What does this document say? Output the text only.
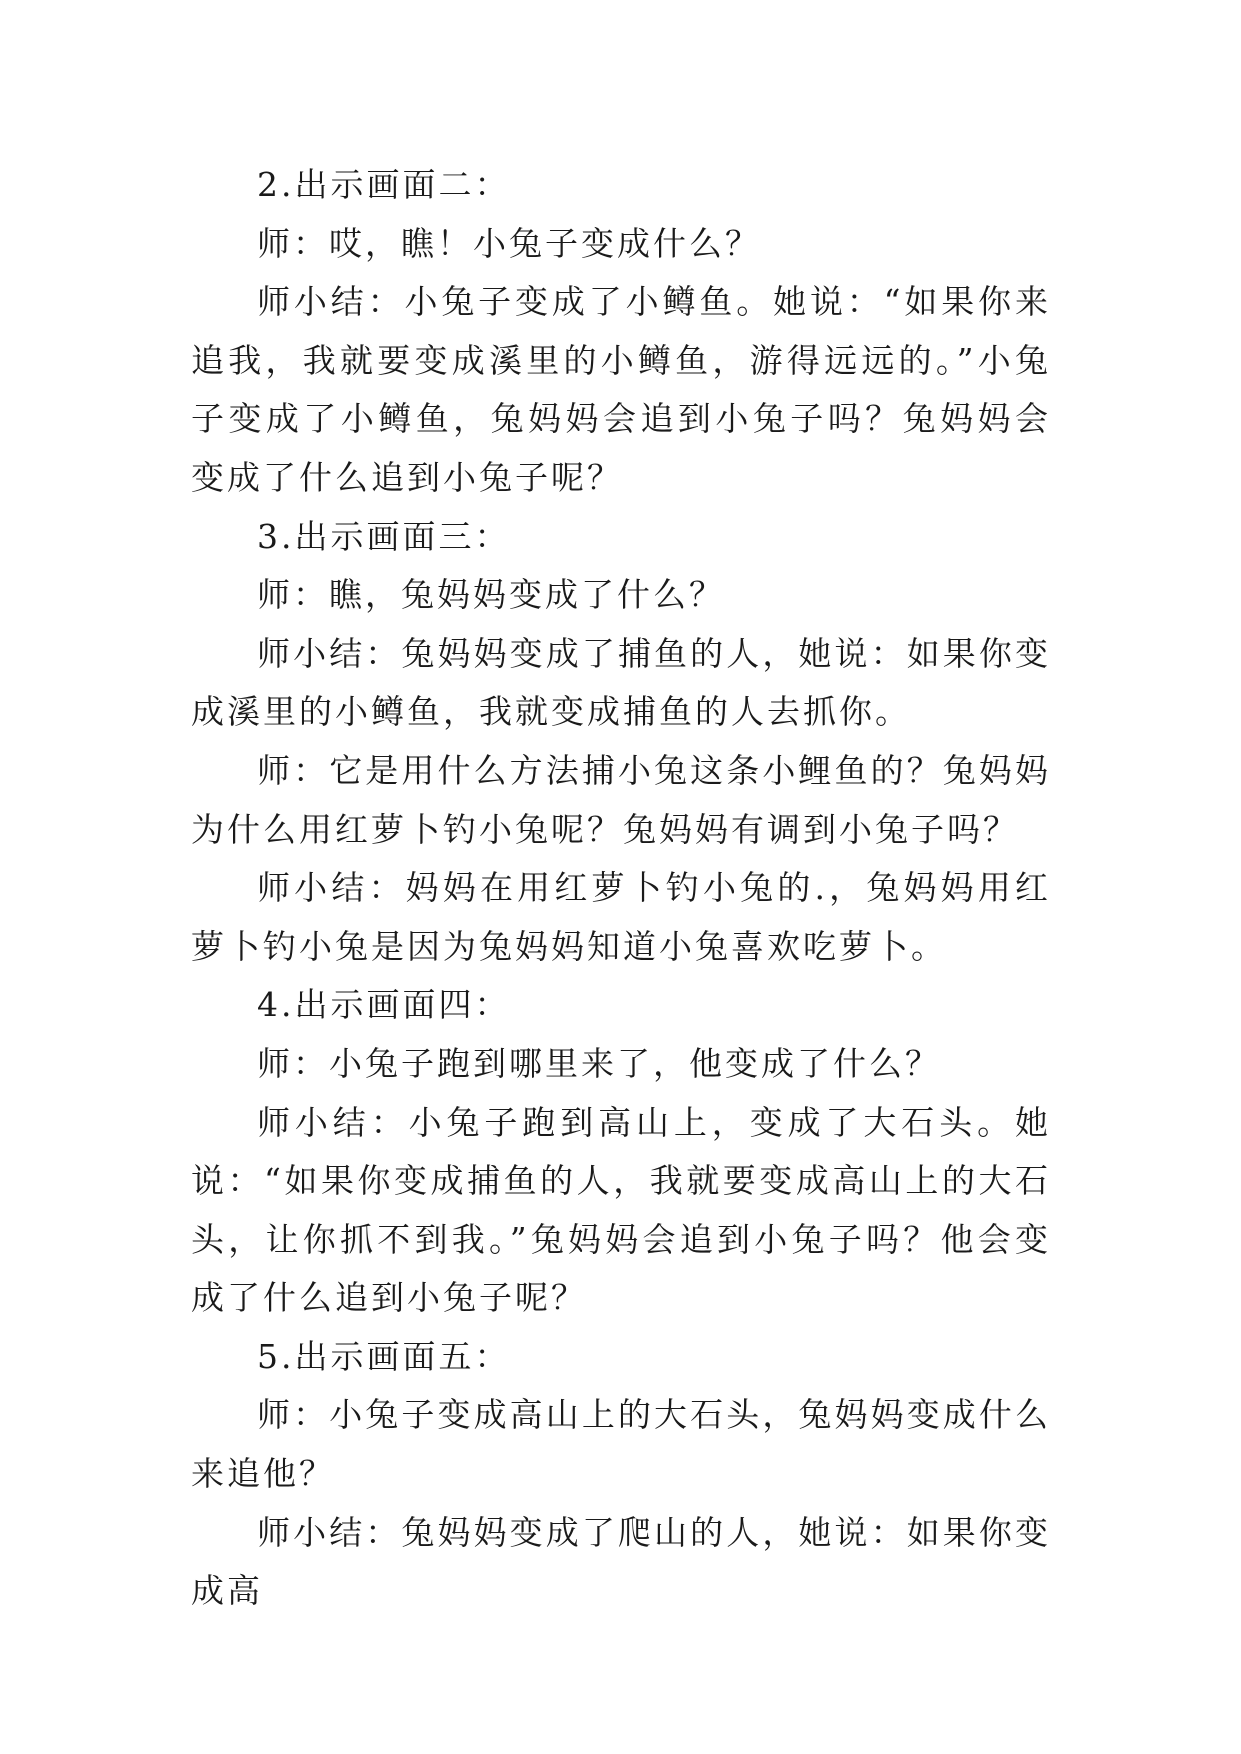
2.出示画面二：

师：哎，瞧！小兔子变成什么？

师小结：小兔子变成了小鳟鱼。她说：“如果你来追我，我就要变成溪里的小鳟鱼，游得远远的。”小兔子变成了小鳟鱼，兔妈妈会追到小兔子吗？兔妈妈会变成了什么追到小兔子呢？

3.出示画面三：

师：瞧，兔妈妈变成了什么？

师小结：兔妈妈变成了捕鱼的人，她说：如果你变成溪里的小鳟鱼，我就变成捕鱼的人去抓你。

师：它是用什么方法捕小兔这条小鲤鱼的？兔妈妈为什么用红萝卜钓小兔呢？兔妈妈有调到小兔子吗？

师小结：妈妈在用红萝卜钓小兔的.，兔妈妈用红萝卜钓小兔是因为兔妈妈知道小兔喜欢吃萝卜。

4.出示画面四：

师：小兔子跑到哪里来了，他变成了什么？

师小结：小兔子跑到高山上，变成了大石头。她说：“如果你变成捕鱼的人，我就要变成高山上的大石头，让你抓不到我。”兔妈妈会追到小兔子吗？他会变成了什么追到小兔子呢？

5.出示画面五：

师：小兔子变成高山上的大石头，兔妈妈变成什么来追他？

师小结：兔妈妈变成了爬山的人，她说：如果你变成高
